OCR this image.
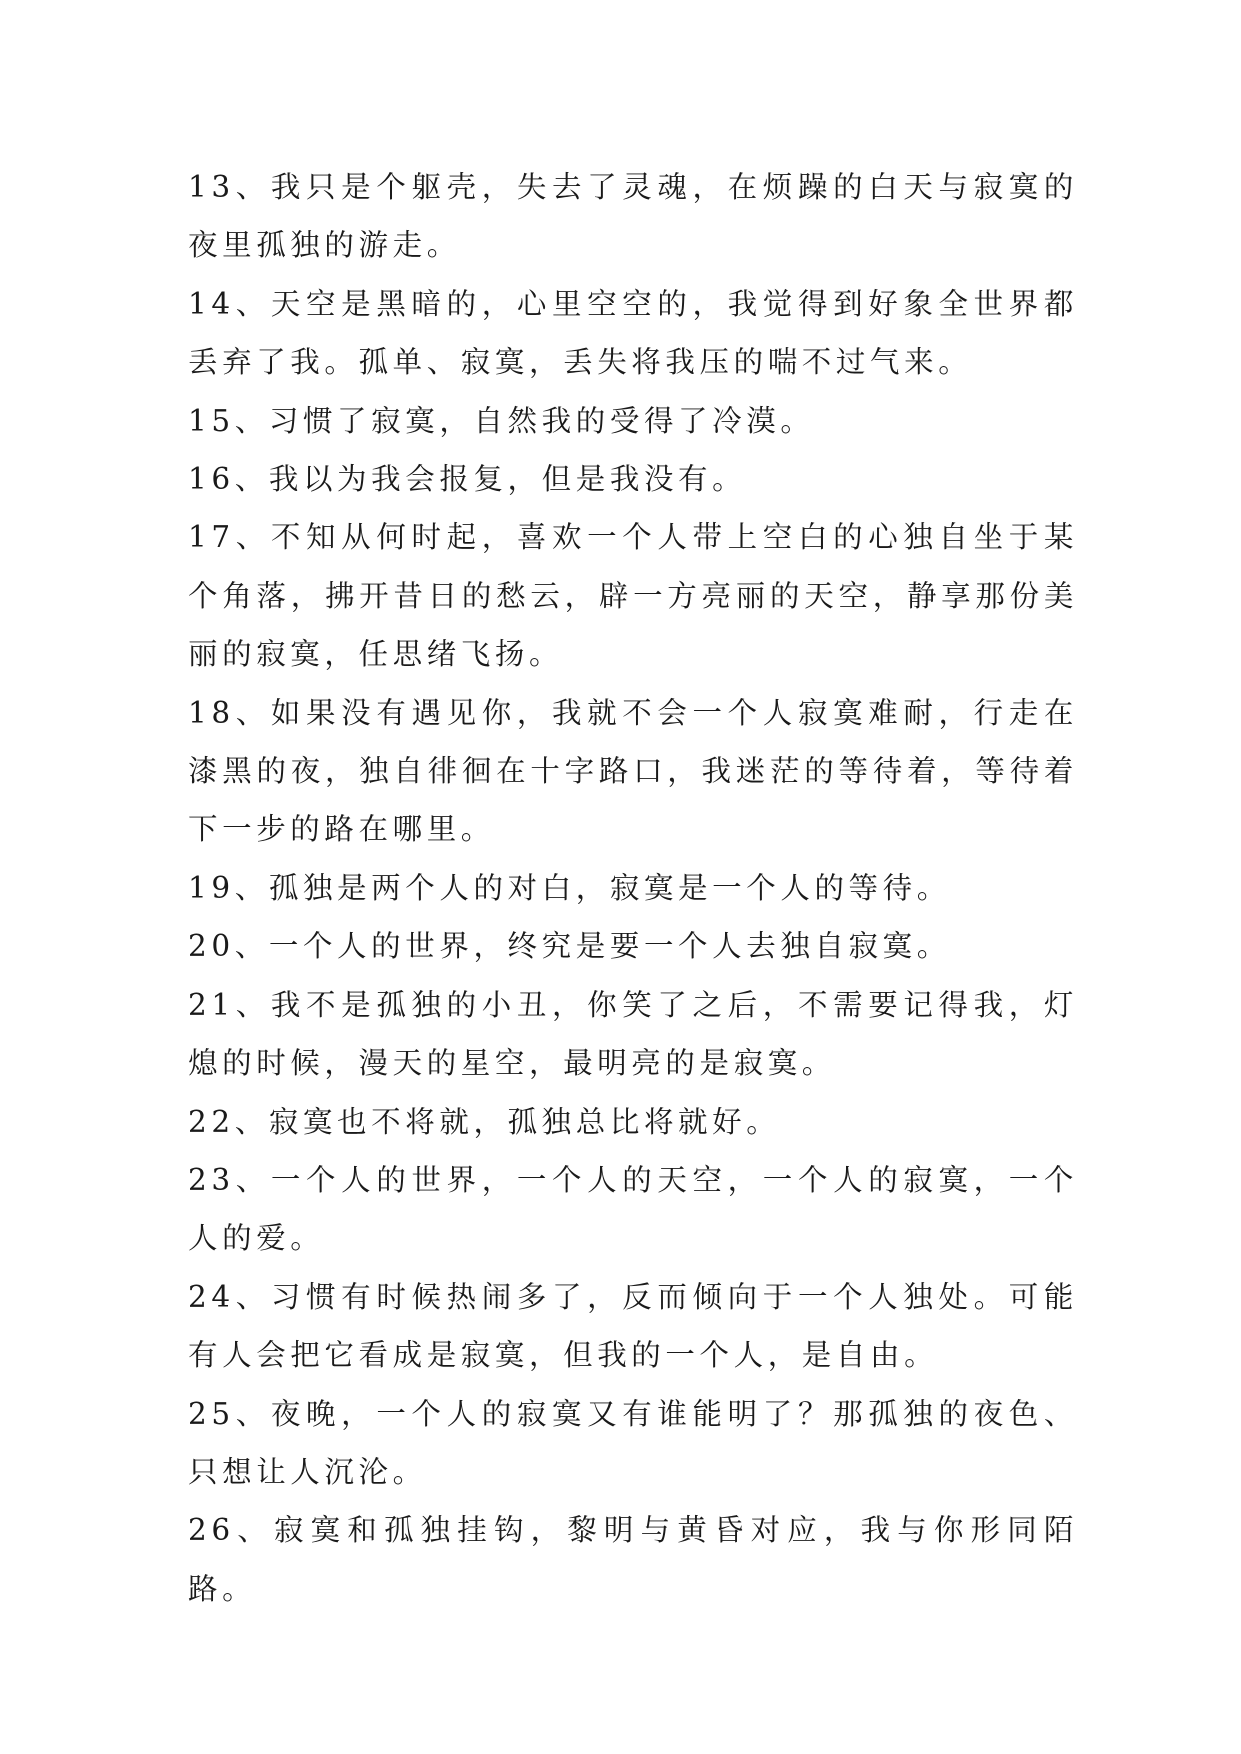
13、我只是个躯壳，失去了灵魂，在烦躁的白天与寂寞的夜里孤独的游走。

14、天空是黑暗的，心里空空的，我觉得到好象全世界都丢弃了我。孤单、寂寞，丢失将我压的喘不过气来。

15、习惯了寂寞，自然我的受得了冷漠。

16、我以为我会报复，但是我没有。

17、不知从何时起，喜欢一个人带上空白的心独自坐于某个角落，拂开昔日的愁云，辟一方亮丽的天空，静享那份美丽的寂寞，任思绪飞扬。

18、如果没有遇见你，我就不会一个人寂寞难耐，行走在漆黑的夜，独自徘徊在十字路口，我迷茫的等待着，等待着下一步的路在哪里。

19、孤独是两个人的对白，寂寞是一个人的等待。

20、一个人的世界，终究是要一个人去独自寂寞。

21、我不是孤独的小丑，你笑了之后，不需要记得我，灯熄的时候，漫天的星空，最明亮的是寂寞。

22、寂寞也不将就，孤独总比将就好。

23、一个人的世界，一个人的天空，一个人的寂寞，一个人的爱。

24、习惯有时候热闹多了，反而倾向于一个人独处。可能有人会把它看成是寂寞，但我的一个人，是自由。

25、夜晚，一个人的寂寞又有谁能明了？那孤独的夜色、只想让人沉沦。

26、寂寞和孤独挂钩，黎明与黄昏对应，我与你形同陌路。
